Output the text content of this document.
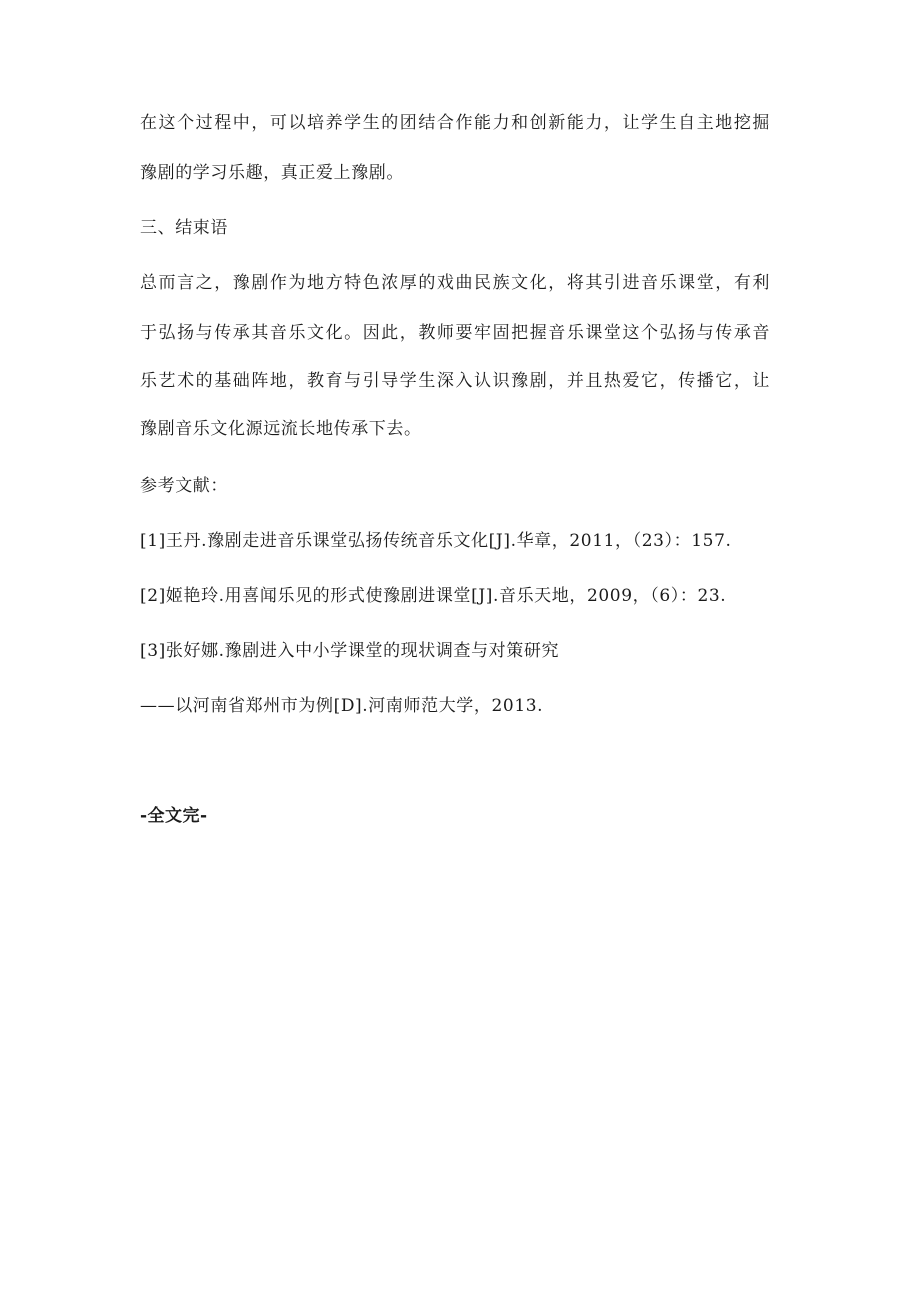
在这个过程中，可以培养学生的团结合作能力和创新能力，让学生自主地挖掘
豫剧的学习乐趣，真正爱上豫剧。
三、结束语
总而言之，豫剧作为地方特色浓厚的戏曲民族文化，将其引进音乐课堂，有利
于弘扬与传承其音乐文化。因此，教师要牢固把握音乐课堂这个弘扬与传承音
乐艺术的基础阵地，教育与引导学生深入认识豫剧，并且热爱它，传播它，让
豫剧音乐文化源远流长地传承下去。
参考文献：
[1]王丹.豫剧走进音乐课堂弘扬传统音乐文化[J].华章，2011，（23）：157.
[2]姬艳玲.用喜闻乐见的形式使豫剧进课堂[J].音乐天地，2009，（6）：23.
[3]张好娜.豫剧进入中小学课堂的现状调查与对策研究
——以河南省郑州市为例[D].河南师范大学，2013.
-全文完-
